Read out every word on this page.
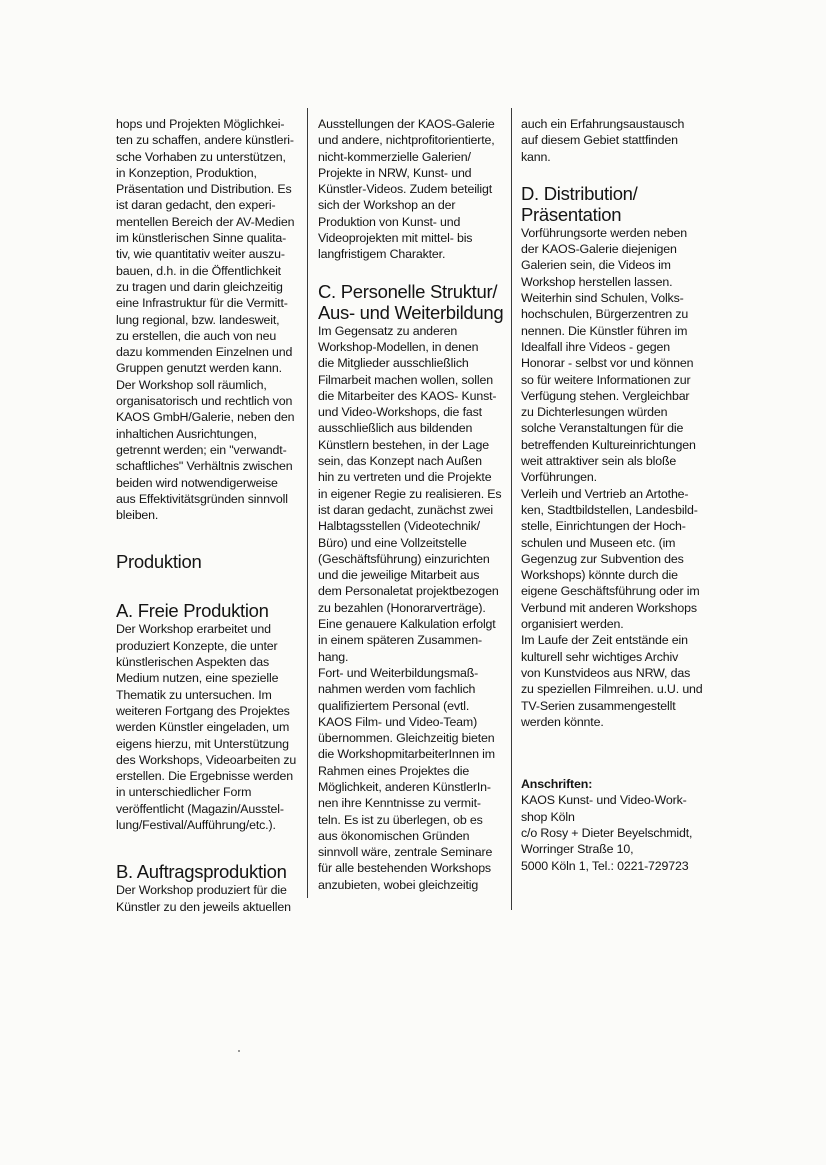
hops und Projekten Möglichkei-

ten zu schaffen, andere künstleri-

sche Vorhaben zu unterstützen,

in Konzeption, Produktion,

Präsentation und Distribution. Es

ist daran gedacht, den experi-

mentellen Bereich der AV-Medien

im künstlerischen Sinne qualita-

tiv, wie quantitativ weiter auszu-

bauen, d.h. in die Öffentlichkeit

zu tragen und darin gleichzeitig

eine Infrastruktur für die Vermitt-

lung regional, bzw. landesweit,

zu erstellen, die auch von neu

dazu kommenden Einzelnen und

Gruppen genutzt werden kann.

Der Workshop soll räumlich,

organisatorisch und rechtlich von

KAOS GmbH/Galerie, neben den

inhaltichen Ausrichtungen,

getrennt werden; ein "verwandt-

schaftliches" Verhältnis zwischen

beiden wird notwendigerweise

aus Effektivitätsgründen sinnvoll

bleiben.

Produktion
A. Freie Produktion

Der Workshop erarbeitet und

produziert Konzepte, die unter

künstlerischen Aspekten das

Medium nutzen, eine spezielle

Thematik zu untersuchen. Im

weiteren Fortgang des Projektes

werden Künstler eingeladen, um

eigens hierzu, mit Unterstützung

des Workshops, Videoarbeiten zu

erstellen. Die Ergebnisse werden

in unterschiedlicher Form

veröffentlicht (Magazin/Ausstel-

lung/Festival/Aufführung/etc.).

B. Auftragsproduktion

Der Workshop produziert für die

Künstler zu den jeweils aktuellen

Ausstellungen der KAOS-Galerie

und andere, nichtprofitorientierte,

nicht-kommerzielle Galerien/

Projekte in NRW, Kunst- und

Künstler-Videos. Zudem beteiligt

sich der Workshop an der

Produktion von Kunst- und

Videoprojekten mit mittel- bis

langfristigem Charakter.

C. Personelle Struktur/
Aus- und Weiterbildung

Im Gegensatz zu anderen

Workshop-Modellen, in denen

die Mitglieder ausschließlich

Filmarbeit machen wollen, sollen

die Mitarbeiter des KAOS- Kunst-

und Video-Workshops, die fast

ausschließlich aus bildenden

Künstlern bestehen, in der Lage

sein, das Konzept nach Außen

hin zu vertreten und die Projekte

in eigener Regie zu realisieren. Es

ist daran gedacht, zunächst zwei

Halbtagsstellen (Videotechnik/

Büro) und eine Vollzeitstelle

(Geschäftsführung) einzurichten

und die jeweilige Mitarbeit aus

dem Personaletat projektbezogen

zu bezahlen (Honorarverträge).

Eine genauere Kalkulation erfolgt

in einem späteren Zusammen-

hang.

Fort- und Weiterbildungsmaß-

nahmen werden vom fachlich

qualifiziertem Personal (evtl.

KAOS Film- und Video-Team)

übernommen. Gleichzeitig bieten

die WorkshopmitarbeiterInnen im

Rahmen eines Projektes die

Möglichkeit, anderen KünstlerIn-

nen ihre Kenntnisse zu vermit-

teln. Es ist zu überlegen, ob es

aus ökonomischen Gründen

sinnvoll wäre, zentrale Seminare

für alle bestehenden Workshops

anzubieten, wobei gleichzeitig

auch ein Erfahrungsaustausch

auf diesem Gebiet stattfinden

kann.

D. Distribution/
Präsentation

Vorführungsorte werden neben

der KAOS-Galerie diejenigen

Galerien sein, die Videos im

Workshop herstellen lassen.

Weiterhin sind Schulen, Volks-

hochschulen, Bürgerzentren zu

nennen. Die Künstler führen im

Idealfall ihre Videos - gegen

Honorar - selbst vor und können

so für weitere Informationen zur

Verfügung stehen. Vergleichbar

zu Dichterlesungen würden

solche Veranstaltungen für die

betreffenden Kultureinrichtungen

weit attraktiver sein als bloße

Vorführungen.

Verleih und Vertrieb an Artothe-

ken, Stadtbildstellen, Landesbild-

stelle, Einrichtungen der Hoch-

schulen und Museen etc. (im

Gegenzug zur Subvention des

Workshops) könnte durch die

eigene Geschäftsführung oder im

Verbund mit anderen Workshops

organisiert werden.

Im Laufe der Zeit entstände ein

kulturell sehr wichtiges Archiv

von Kunstvideos aus NRW, das

zu speziellen Filmreihen. u.U. und

TV-Serien zusammengestellt

werden könnte.

Anschriften:

KAOS Kunst- und Video-Work-

shop Köln

c/o Rosy + Dieter Beyelschmidt,

Worringer Straße 10,

5000 Köln 1, Tel.: 0221-729723
